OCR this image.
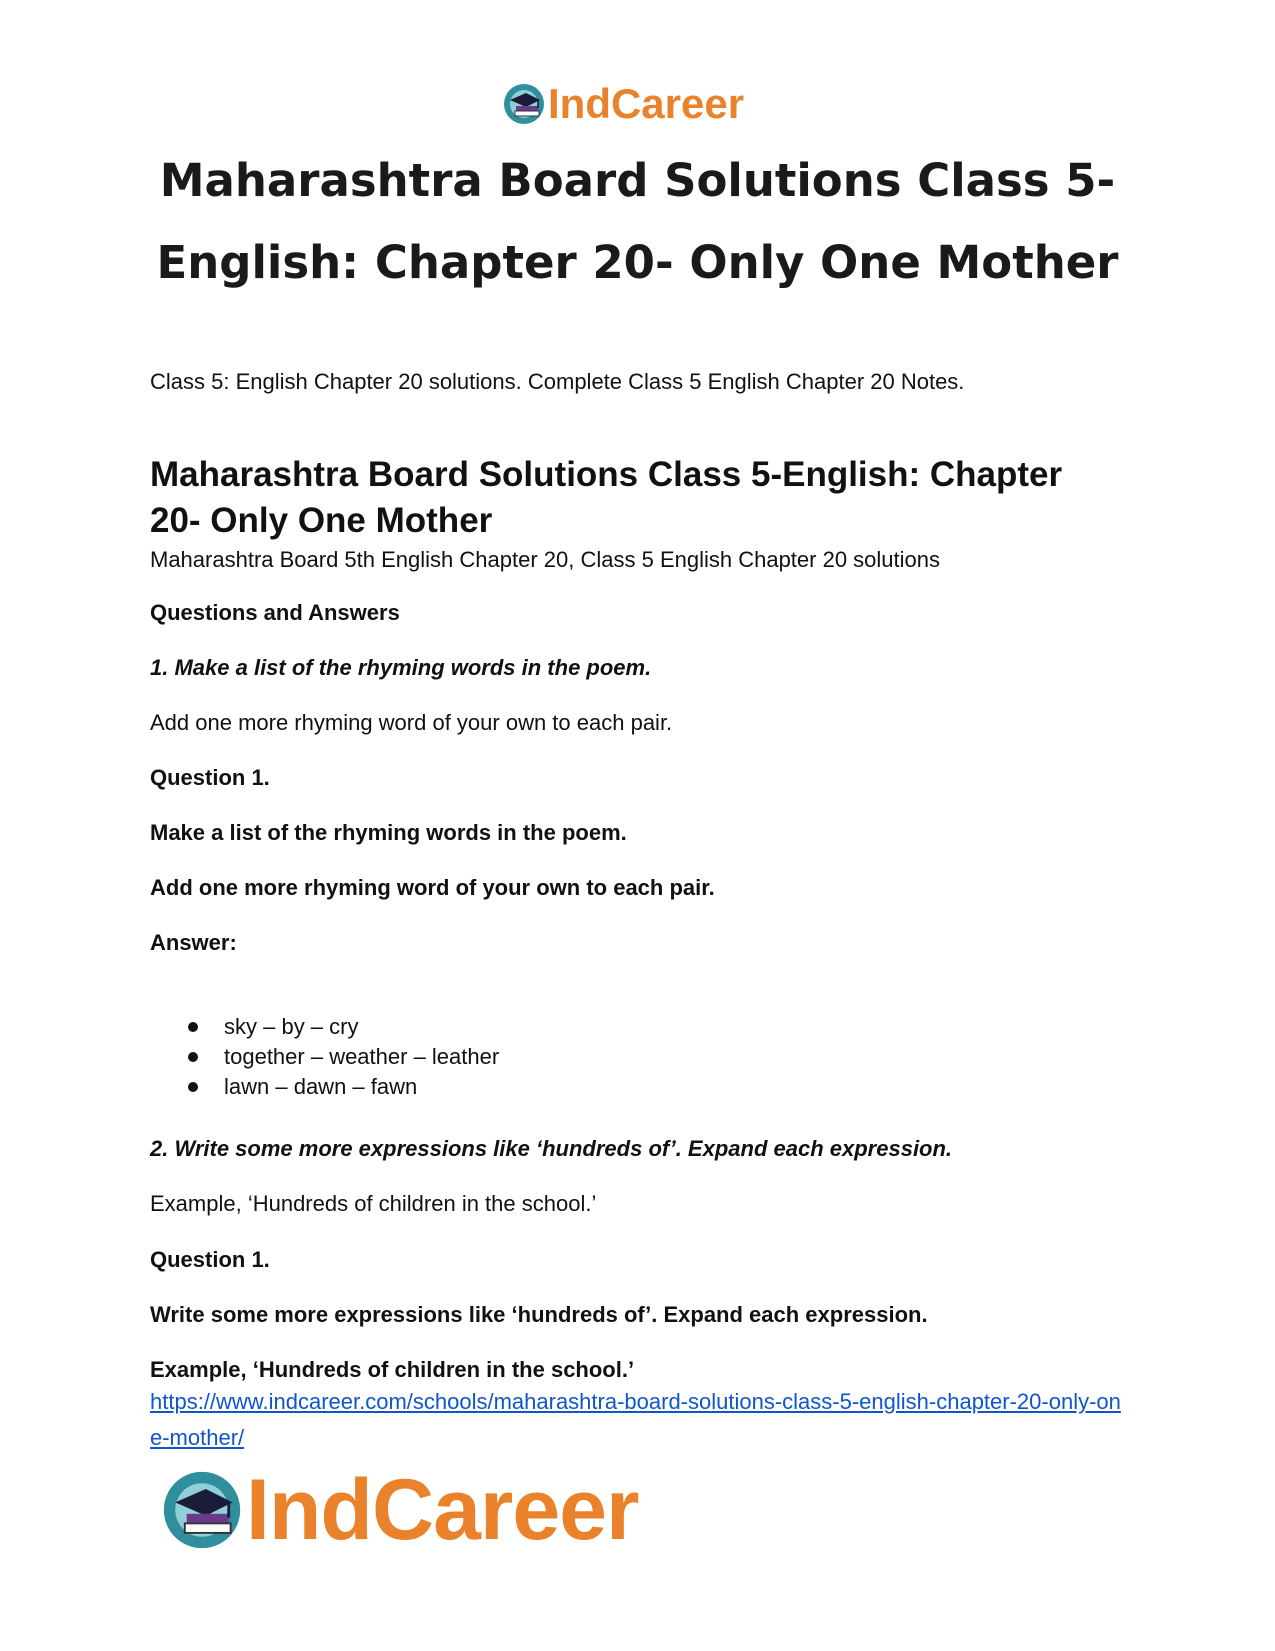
IndCareer
Maharashtra Board Solutions Class 5-English: Chapter 20- Only One Mother
Class 5: English Chapter 20 solutions. Complete Class 5 English Chapter 20 Notes.
Maharashtra Board Solutions Class 5-English: Chapter 20- Only One Mother
Maharashtra Board 5th English Chapter 20, Class 5 English Chapter 20 solutions
Questions and Answers
1. Make a list of the rhyming words in the poem.
Add one more rhyming word of your own to each pair.
Question 1.
Make a list of the rhyming words in the poem.
Add one more rhyming word of your own to each pair.
Answer:
sky – by – cry
together – weather – leather
lawn – dawn – fawn
2. Write some more expressions like ‘hundreds of’. Expand each expression.
Example, ‘Hundreds of children in the school.’
Question 1.
Write some more expressions like ‘hundreds of’. Expand each expression.
Example, ‘Hundreds of children in the school.’
https://www.indcareer.com/schools/maharashtra-board-solutions-class-5-english-chapter-20-only-one-mother/
IndCareer
